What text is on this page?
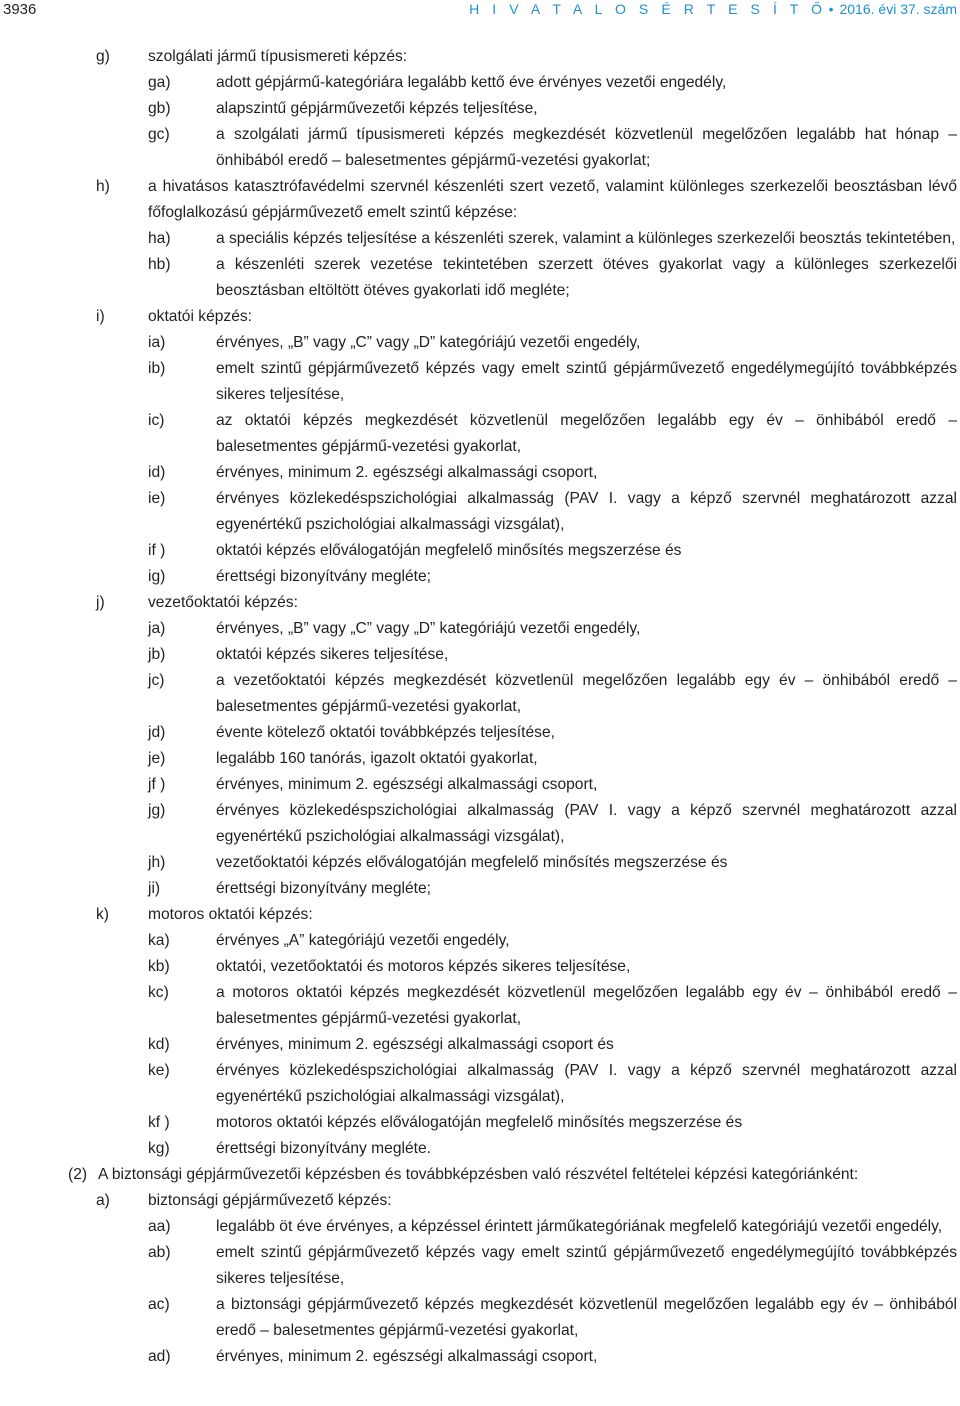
3936	H I V A T A L O S É R T E S Í T Ő • 2016. évi 37. szám
g) szolgálati jármű típusismereti képzés:
ga)	adott gépjármű-kategóriára legalább kettő éve érvényes vezetői engedély,
gb)	alapszintű gépjárművezetői képzés teljesítése,
gc)	a szolgálati jármű típusismereti képzés megkezdését közvetlenül megelőzően legalább hat hónap – önhibából eredő – balesetmentes gépjármű-vezetési gyakorlat;
h) a hivatásos katasztrófavédelmi szervnél készenléti szert vezető, valamint különleges szerkezelői beosztásban lévő főfoglalkozású gépjárművezető emelt szintű képzése:
ha)	a speciális képzés teljesítése a készenléti szerek, valamint a különleges szerkezelői beosztás tekintetében,
hb)	a készenléti szerek vezetése tekintetében szerzett ötéves gyakorlat vagy a különleges szerkezelői beosztásban eltöltött ötéves gyakorlati idő megléte;
i)	oktatói képzés:
ia)	érvényes, „B” vagy „C” vagy „D” kategóriájú vezetői engedély,
ib)	emelt szintű gépjárművezető képzés vagy emelt szintű gépjárművezető engedélymegújító továbbképzés sikeres teljesítése,
ic)	az oktatói képzés megkezdését közvetlenül megelőzően legalább egy év – önhibából eredő – balesetmentes gépjármű-vezetési gyakorlat,
id)	érvényes, minimum 2. egészségi alkalmassági csoport,
ie)	érvényes közlekedéspszichológiai alkalmasság (PAV I. vagy a képző szervnél meghatározott azzal egyenértékű pszichológiai alkalmassági vizsgálat),
if )	oktatói képzés előválogatóján megfelelő minősítés megszerzése és
ig)	érettségi bizonyítvány megléte;
j)	vezetőoktatói képzés:
ja)	érvényes, „B” vagy „C” vagy „D” kategóriájú vezetői engedély,
jb)	oktatói képzés sikeres teljesítése,
jc)	a vezetőoktatói képzés megkezdését közvetlenül megelőzően legalább egy év – önhibából eredő – balesetmentes gépjármű-vezetési gyakorlat,
jd)	évente kötelező oktatói továbbképzés teljesítése,
je)	legalább 160 tanórás, igazolt oktatói gyakorlat,
jf )	érvényes, minimum 2. egészségi alkalmassági csoport,
jg)	érvényes közlekedéspszichológiai alkalmasság (PAV I. vagy a képző szervnél meghatározott azzal egyenértékű pszichológiai alkalmassági vizsgálat),
jh)	vezetőoktatói képzés előválogatóján megfelelő minősítés megszerzése és
ji)	érettségi bizonyítvány megléte;
k)	motoros oktatói képzés:
ka)	érvényes „A” kategóriájú vezetői engedély,
kb)	oktatói, vezetőoktatói és motoros képzés sikeres teljesítése,
kc)	a motoros oktatói képzés megkezdését közvetlenül megelőzően legalább egy év – önhibából eredő – balesetmentes gépjármű-vezetési gyakorlat,
kd)	érvényes, minimum 2. egészségi alkalmassági csoport és
ke)	érvényes közlekedéspszichológiai alkalmasság (PAV I. vagy a képző szervnél meghatározott azzal egyenértékű pszichológiai alkalmassági vizsgálat),
kf )	motoros oktatói képzés előválogatóján megfelelő minősítés megszerzése és
kg)	érettségi bizonyítvány megléte.
(2) A biztonsági gépjárművezetői képzésben és továbbképzésben való részvétel feltételei képzési kategóriánként:
a) biztonsági gépjárművezető képzés:
aa)	legalább öt éve érvényes, a képzéssel érintett járműkategóriának megfelelő kategóriájú vezetői engedély,
ab)	emelt szintű gépjárművezető képzés vagy emelt szintű gépjárművezető engedélymegújító továbbképzés sikeres teljesítése,
ac)	a biztonsági gépjárművezető képzés megkezdését közvetlenül megelőzően legalább egy év – önhibából eredő – balesetmentes gépjármű-vezetési gyakorlat,
ad)	érvényes, minimum 2. egészségi alkalmassági csoport,
